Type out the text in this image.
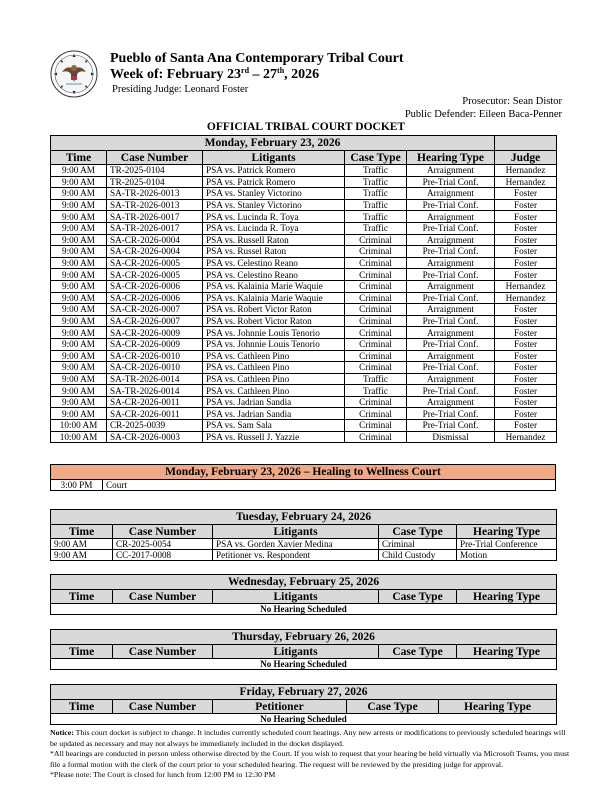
Pueblo of Santa Ana Contemporary Tribal Court
Week of: February 23rd – 27th, 2026
Presiding Judge: Leonard Foster
Prosecutor: Sean Distor
Public Defender: Eileen Baca-Penner
OFFICIAL TRIBAL COURT DOCKET
Monday, February 23, 2026					
Time	Case Number	Litigants	Case Type	Hearing Type	Judge
9:00 AM	TR-2025-0104	PSA vs. Patrick Romero	Traffic	Arraignment	Hernandez
9:00 AM	TR-2025-0104	PSA vs. Patrick Romero	Traffic	Pre-Trial Conf.	Hernandez
9:00 AM	SA-TR-2026-0013	PSA vs. Stanley Victorino	Traffic	Arraignment	Foster
9:00 AM	SA-TR-2026-0013	PSA vs. Stanley Victorino	Traffic	Pre-Trial Conf.	Foster
9:00 AM	SA-TR-2026-0017	PSA vs. Lucinda R. Toya	Traffic	Arraignment	Foster
9:00 AM	SA-TR-2026-0017	PSA vs. Lucinda R. Toya	Traffic	Pre-Trial Conf.	Foster
9:00 AM	SA-CR-2026-0004	PSA vs. Russell Raton	Criminal	Arraignment	Foster
9:00 AM	SA-CR-2026-0004	PSA vs. Russel Raton	Criminal	Pre-Trial Conf.	Foster
9:00 AM	SA-CR-2026-0005	PSA vs. Celestino Reano	Criminal	Arraignment	Foster
9:00 AM	SA-CR-2026-0005	PSA vs. Celestino Reano	Criminal	Pre-Trial Conf.	Foster
9:00 AM	SA-CR-2026-0006	PSA vs. Kalainia Marie Waquie	Criminal	Arraignment	Hernandez
9:00 AM	SA-CR-2026-0006	PSA vs. Kalainia Marie Waquie	Criminal	Pre-Trial Conf.	Hernandez
9:00 AM	SA-CR-2026-0007	PSA vs. Robert Victor Raton	Criminal	Arraignment	Foster
9:00 AM	SA-CR-2026-0007	PSA vs. Robert Victor Raton	Criminal	Pre-Trial Conf.	Foster
9:00 AM	SA-CR-2026-0009	PSA vs. Johnnie Louis Tenorio	Criminal	Arraignment	Foster
9:00 AM	SA-CR-2026-0009	PSA vs. Johnnie Louis Tenorio	Criminal	Pre-Trial Conf.	Foster
9:00 AM	SA-CR-2026-0010	PSA vs. Cathleen Pino	Criminal	Arraignment	Foster
9:00 AM	SA-CR-2026-0010	PSA vs. Cathleen Pino	Criminal	Pre-Trial Conf.	Foster
9:00 AM	SA-TR-2026-0014	PSA vs. Cathleen Pino	Traffic	Arraignment	Foster
9:00 AM	SA-TR-2026-0014	PSA vs. Cathleen Pino	Traffic	Pre-Trial Conf.	Foster
9:00 AM	SA-CR-2026-0011	PSA vs. Jadrian Sandia	Criminal	Arraignment	Foster
9:00 AM	SA-CR-2026-0011	PSA vs. Jadrian Sandia	Criminal	Pre-Trial Conf.	Foster
10:00 AM	CR-2025-0039	PSA vs. Sam Sala	Criminal	Pre-Trial Conf.	Foster
10:00 AM	SA-CR-2026-0003	PSA vs. Russell J. Yazzie	Criminal	Dismissal	Hernandez
Monday, February 23, 2026 – Healing to Wellness Court
3:00 PM	Court
Tuesday, February 24, 2026				
Time	Case Number	Litigants	Case Type	Hearing Type
9:00 AM	CR-2025-0054	PSA vs. Gorden Xavier Medina	Criminal	Pre-Trial Conference
9:00 AM	CC-2017-0008	Petitioner vs. Respondent	Child Custody	Motion
Wednesday, February 25, 2026
Time	Case Number	Litigants	Case Type	Hearing Type
No Hearing Scheduled
Thursday, February 26, 2026
Time	Case Number	Litigants	Case Type	Hearing Type
No Hearing Scheduled
Friday, February 27, 2026
Time	Case Number	Petitioner	Case Type	Hearing Type
No Hearing Scheduled
Notice: This court docket is subject to change. It includes currently scheduled court hearings. Any new arrests or modifications to previously scheduled hearings will be updated as necessary and may not always be immediately included in the docket displayed.
*All hearings are conducted in person unless otherwise directed by the Court. If you wish to request that your hearing be held virtually via Microsoft Teams, you must file a formal motion with the clerk of the court prior to your scheduled hearing. The request will be reviewed by the presiding judge for approval.
*Please note: The Court is closed for lunch from 12:00 PM to 12:30 PM
